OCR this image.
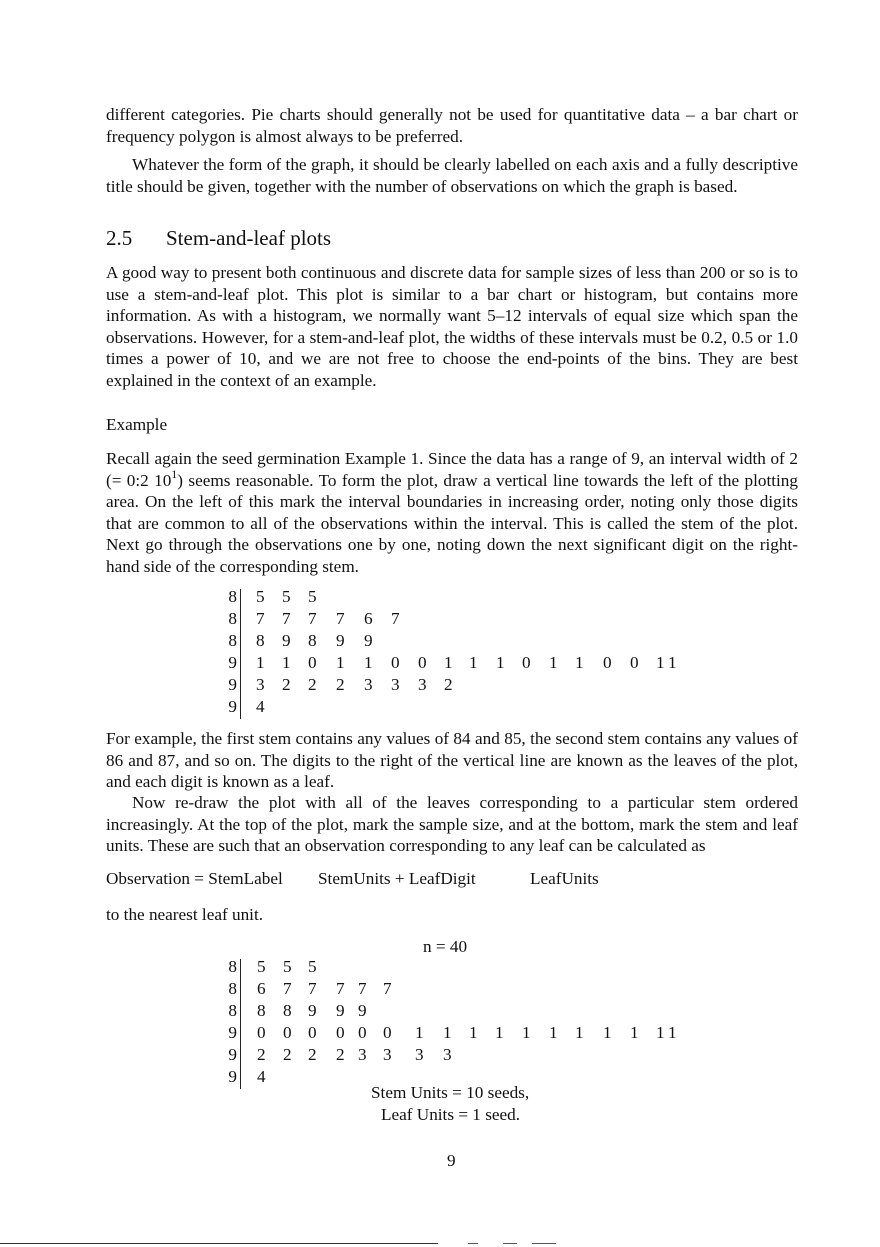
different categories. Pie charts should generally not be used for quantitative data – a bar chart or frequency polygon is almost always to be preferred.

Whatever the form of the graph, it should be clearly labelled on each axis and a fully descriptive title should be given, together with the number of observations on which the graph is based.

2.5 Stem-and-leaf plots

A good way to present both continuous and discrete data for sample sizes of less than 200 or so is to use a stem-and-leaf plot. This plot is similar to a bar chart or histogram, but contains more information. As with a histogram, we normally want 5–12 intervals of equal size which span the observations. However, for a stem-and-leaf plot, the widths of these intervals must be 0.2, 0.5 or 1.0 times a power of 10, and we are not free to choose the end-points of the bins. They are best explained in the context of an example.

Example

Recall again the seed germination Example 1. Since the data has a range of 9, an interval width of 2 (= 0:2 $10^1$) seems reasonable. To form the plot, draw a vertical line towards the left of the plotting area. On the left of this mark the interval boundaries in increasing order, noting only those digits that are common to all of the observations within the interval. This is called the stem of the plot. Next go through the observations one by one, noting down the next significant digit on the right-hand side of the corresponding stem.

8 5 5 5
8 7 7 7 7 6 7
8 8 9 8 9 9
9 1 1 0 1 1 0 0 1 1 1 0 1 1 0 0 1 1
9 3 2 2 2 3 3 3 2
9 4

For example, the first stem contains any values of 84 and 85, the second stem contains any values of 86 and 87, and so on. The digits to the right of the vertical line are known as the leaves of the plot, and each digit is known as a leaf.

Now re-draw the plot with all of the leaves corresponding to a particular stem ordered increasingly. At the top of the plot, mark the sample size, and at the bottom, mark the stem and leaf units. These are such that an observation corresponding to any leaf can be calculated as

Observation = StemLabel StemUnits + LeafDigit	LeafUnits
to the nearest leaf unit.
n = 40
8 5 5 5
8 6 7 7 7 7 7
8 8 8 9 9 9
9 0 0 0 0 0 0 1 1 1 1 1 1 1 1 1 1 1
9 2 2 2 2 3 3 3 3
9 4
Stem Units = 10 seeds,
Leaf Units = 1 seed.
9
